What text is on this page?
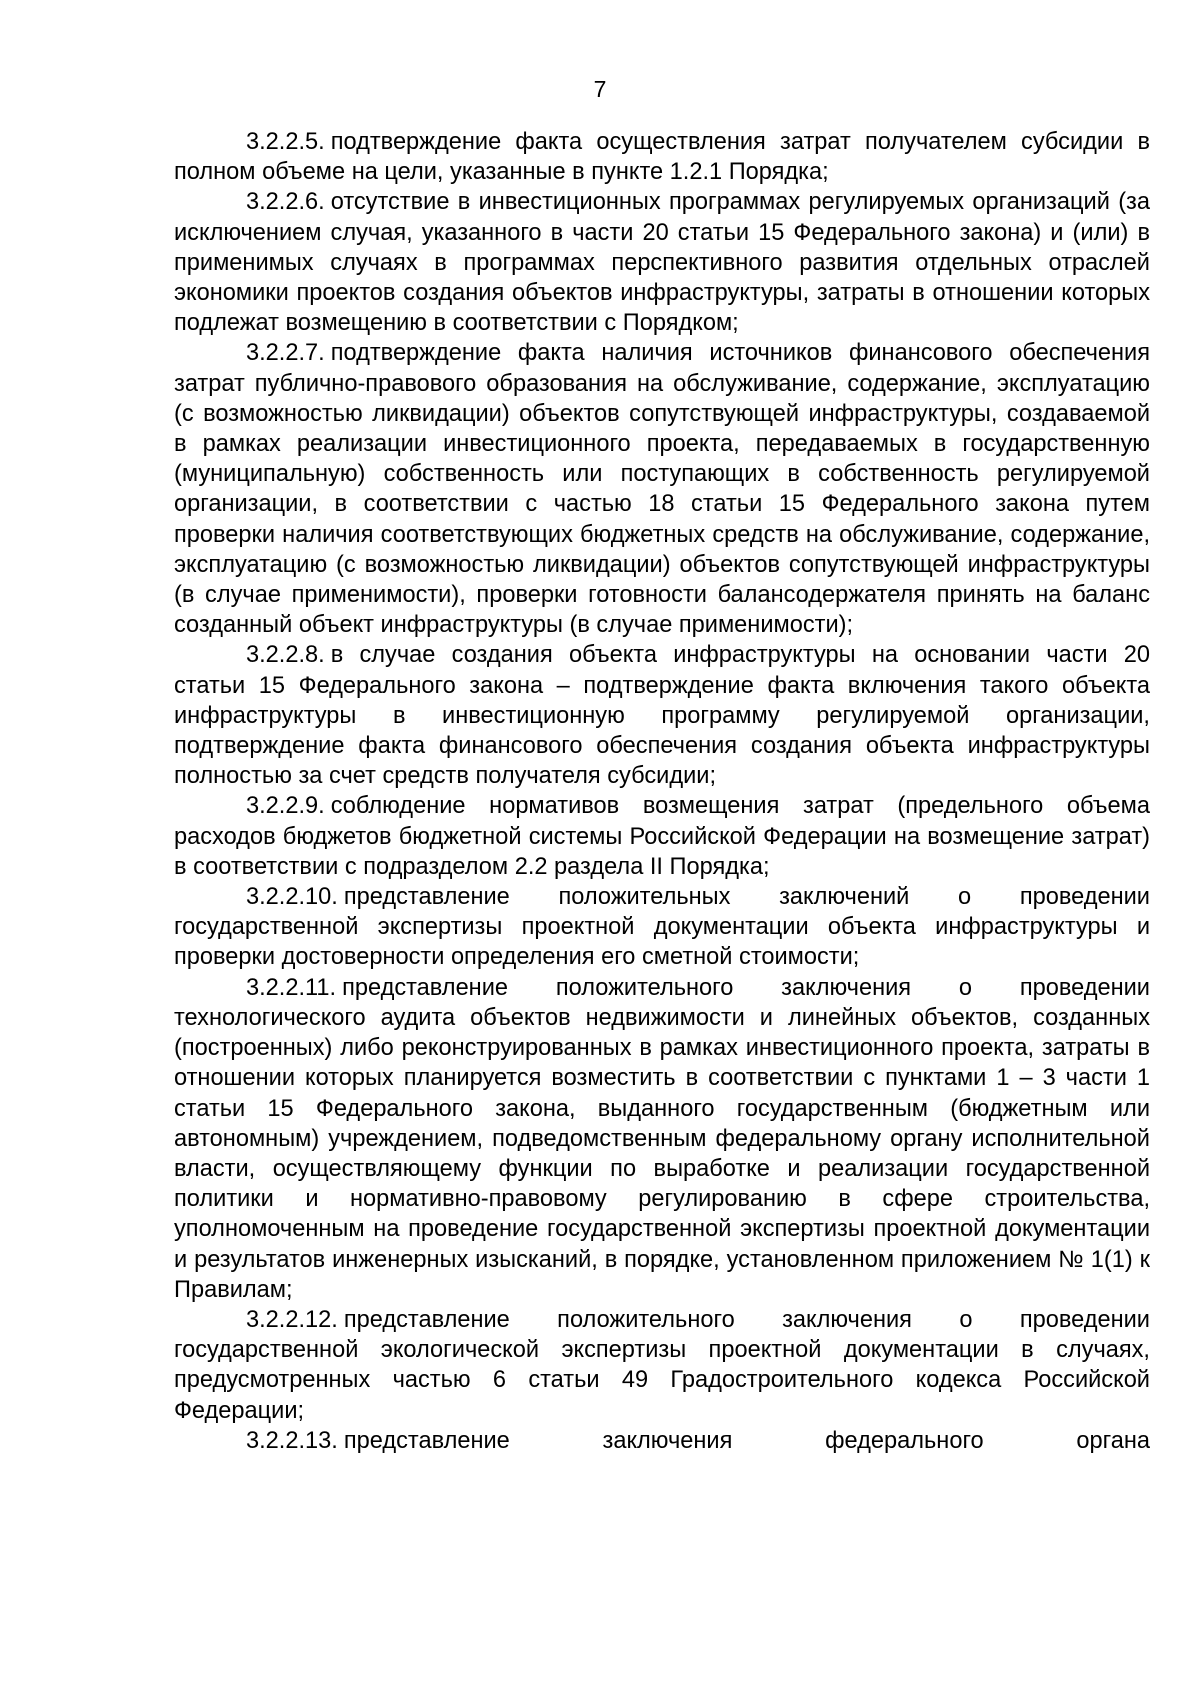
7

3.2.2.5. подтверждение факта осуществления затрат получателем субсидии в полном объеме на цели, указанные в пункте 1.2.1 Порядка;

3.2.2.6. отсутствие в инвестиционных программах регулируемых организаций (за исключением случая, указанного в части 20 статьи 15 Федерального закона) и (или) в применимых случаях в программах перспективного развития отдельных отраслей экономики проектов создания объектов инфраструктуры, затраты в отношении которых подлежат возмещению в соответствии с Порядком;

3.2.2.7. подтверждение факта наличия источников финансового обеспечения затрат публично-правового образования на обслуживание, содержание, эксплуатацию (с возможностью ликвидации) объектов сопутствующей инфраструктуры, создаваемой в рамках реализации инвестиционного проекта, передаваемых в государственную (муниципальную) собственность или поступающих в собственность регулируемой организации, в соответствии с частью 18 статьи 15 Федерального закона путем проверки наличия соответствующих бюджетных средств на обслуживание, содержание, эксплуатацию (с возможностью ликвидации) объектов сопутствующей инфраструктуры (в случае применимости), проверки готовности балансодержателя принять на баланс созданный объект инфраструктуры (в случае применимости);

3.2.2.8. в случае создания объекта инфраструктуры на основании части 20 статьи 15 Федерального закона – подтверждение факта включения такого объекта инфраструктуры в инвестиционную программу регулируемой организации, подтверждение факта финансового обеспечения создания объекта инфраструктуры полностью за счет средств получателя субсидии;

3.2.2.9. соблюдение нормативов возмещения затрат (предельного объема расходов бюджетов бюджетной системы Российской Федерации на возмещение затрат) в соответствии с подразделом 2.2 раздела II Порядка;

3.2.2.10. представление положительных заключений о проведении государственной экспертизы проектной документации объекта инфраструктуры и проверки достоверности определения его сметной стоимости;

3.2.2.11. представление положительного заключения о проведении технологического аудита объектов недвижимости и линейных объектов, созданных (построенных) либо реконструированных в рамках инвестиционного проекта, затраты в отношении которых планируется возместить в соответствии с пунктами 1 – 3 части 1 статьи 15 Федерального закона, выданного государственным (бюджетным или автономным) учреждением, подведомственным федеральному органу исполнительной власти, осуществляющему функции по выработке и реализации государственной политики и нормативно-правовому регулированию в сфере строительства, уполномоченным на проведение государственной экспертизы проектной документации и результатов инженерных изысканий, в порядке, установленном приложением № 1(1) к Правилам;

3.2.2.12. представление положительного заключения о проведении государственной экологической экспертизы проектной документации в случаях, предусмотренных частью 6 статьи 49 Градостроительного кодекса Российской Федерации;

3.2.2.13. представление заключения федерального органа
